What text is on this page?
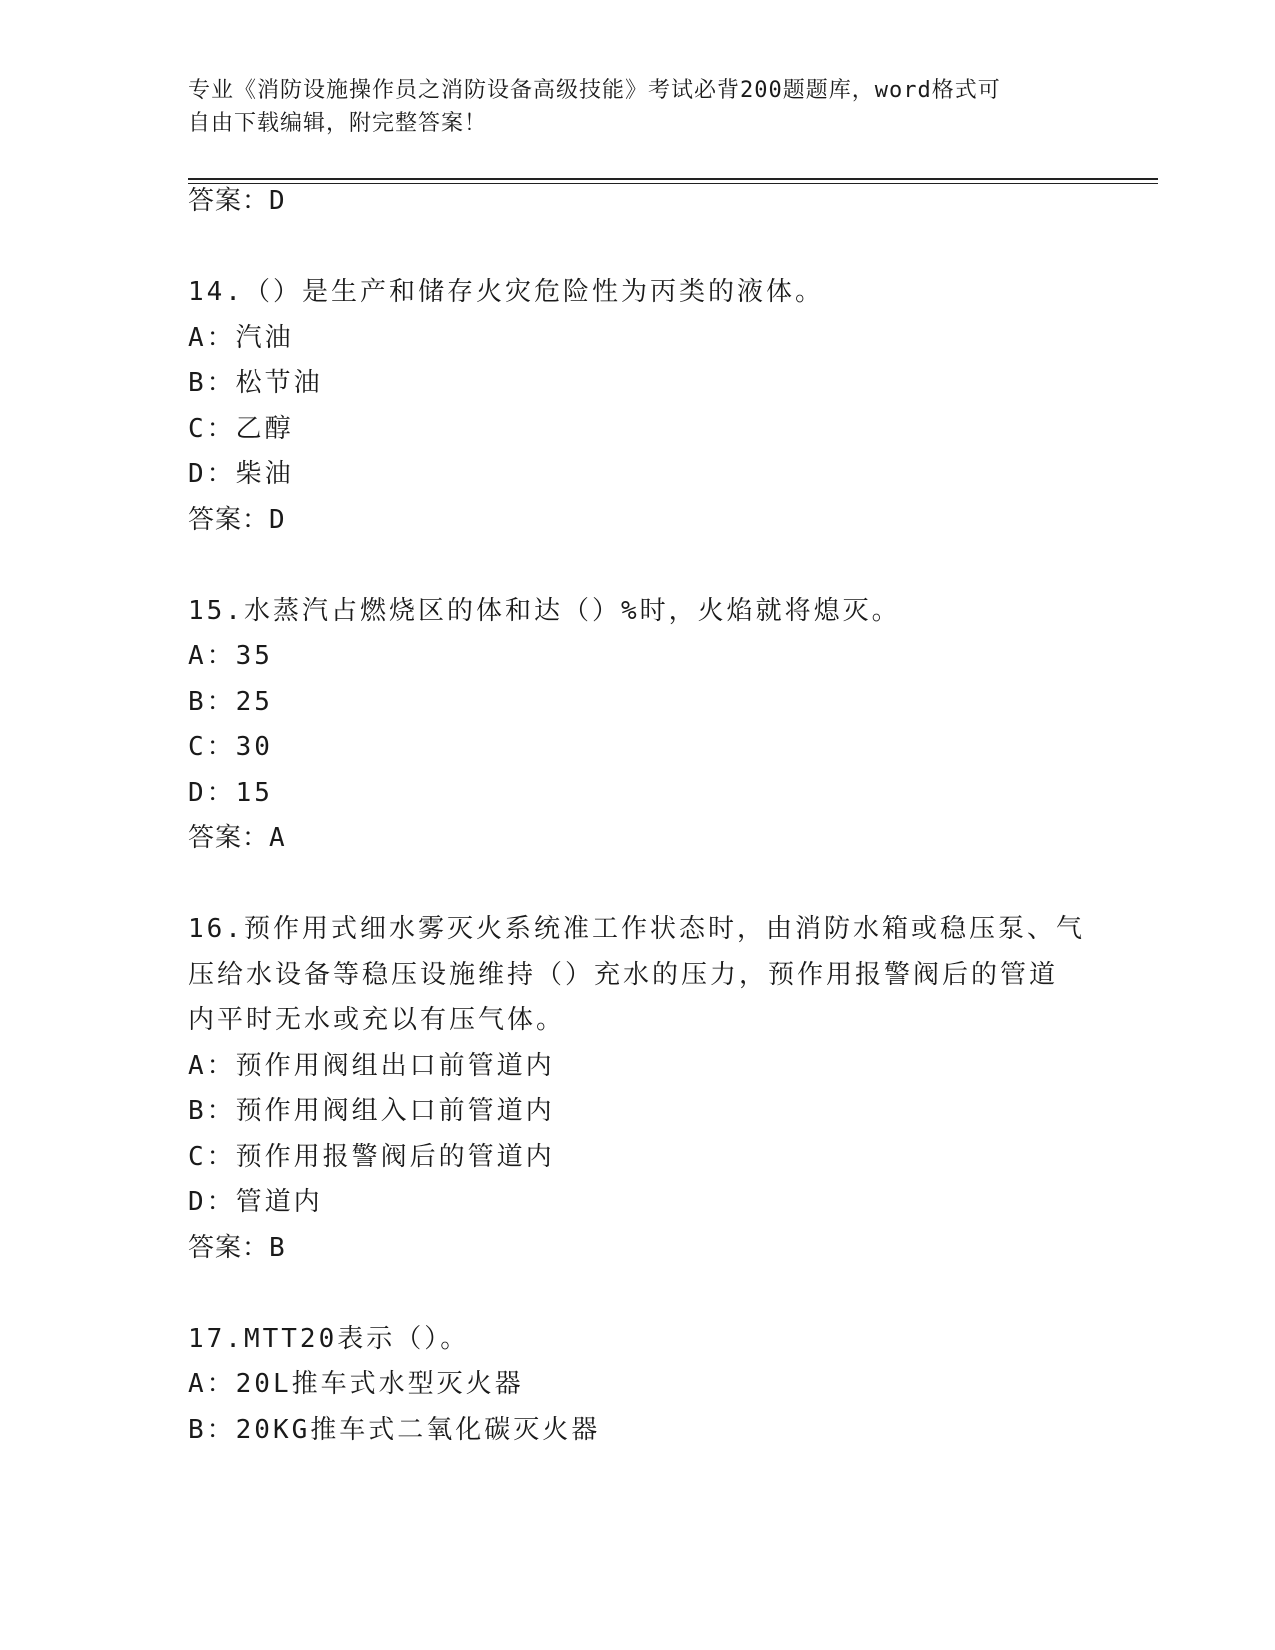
专业《消防设施操作员之消防设备高级技能》考试必背200题题库，word格式可
自由下载编辑，附完整答案！
答案：D
14.（）是生产和储存火灾危险性为丙类的液体。
A：汽油
B：松节油
C：乙醇
D：柴油
答案：D
15.水蒸汽占燃烧区的体和达（）%时，火焰就将熄灭。
A：35
B：25
C：30
D：15
答案：A
16.预作用式细水雾灭火系统准工作状态时，由消防水箱或稳压泵、气
压给水设备等稳压设施维持（）充水的压力，预作用报警阀后的管道
内平时无水或充以有压气体。
A：预作用阀组出口前管道内
B：预作用阀组入口前管道内
C：预作用报警阀后的管道内
D：管道内
答案：B
17.MTT20表示（）。
A：20L推车式水型灭火器
B：20KG推车式二氧化碳灭火器
